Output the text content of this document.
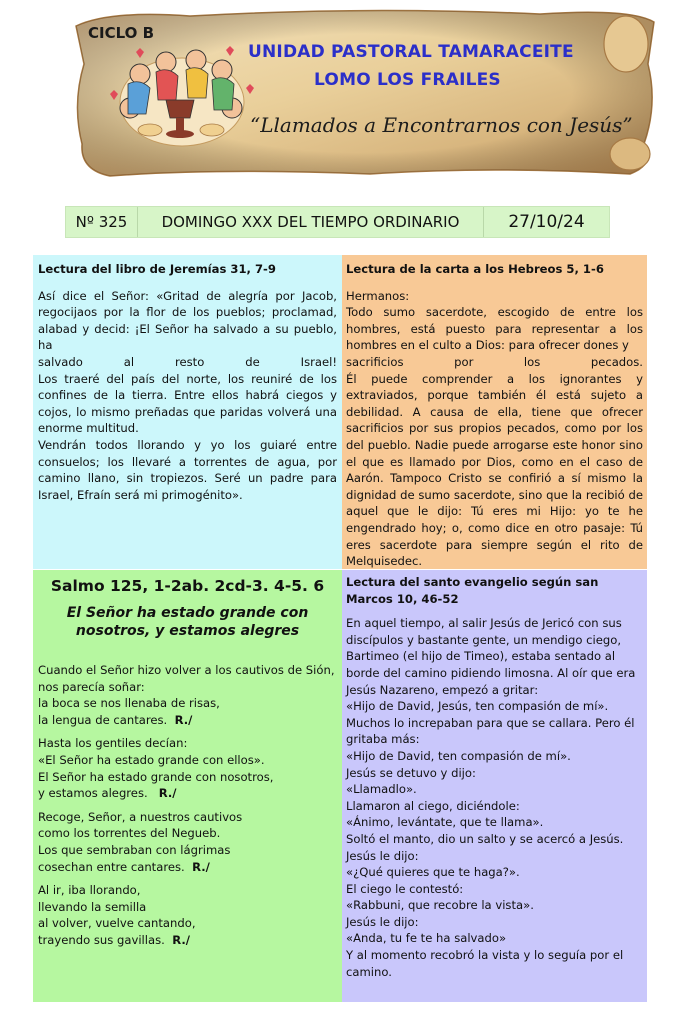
CICLO B
UNIDAD PASTORAL TAMARACEITE
LOMO LOS FRAILES
“Llamados a Encontrarnos con Jesús”
Nº 325	DOMINGO XXX DEL TIEMPO ORDINARIO	27/10/24
Lectura del libro de Jeremías 31, 7-9

Así dice el Señor: «Gritad de alegría por Jacob, regocijaos por la flor de los pueblos; proclamad, alabad y decid: ¡El Señor ha salvado a su pueblo, ha

salvado al resto de Israel!

Los traeré del país del norte, los reuniré de los confines de la tierra. Entre ellos habrá ciegos y cojos, lo mismo preñadas que paridas volverá una enorme multitud.

Vendrán todos llorando y yo los guiaré entre consuelos; los llevaré a torrentes de agua, por camino llano, sin tropiezos. Seré un padre para Israel, Efraín será mi primogénito».

Lectura de la carta a los Hebreos 5, 1-6

Hermanos:

Todo sumo sacerdote, escogido de entre los hombres, está puesto para representar a los hombres en el culto a Dios: para ofrecer dones y

sacrificios por los pecados.

Él puede comprender a los ignorantes y extraviados, porque también él está sujeto a debilidad. A causa de ella, tiene que ofrecer sacrificios por sus propios pecados, como por los del pueblo. Nadie puede arrogarse este honor sino el que es llamado por Dios, como en el caso de Aarón. Tampoco Cristo se confirió a sí mismo la dignidad de sumo sacerdote, sino que la recibió de aquel que le dijo: Tú eres mi Hijo: yo te he engendrado hoy; o, como dice en otro pasaje: Tú eres sacerdote para siempre según el rito de Melquisedec.

Salmo 125, 1-2ab. 2cd-3. 4-5. 6
El Señor ha estado grande con nosotros, y estamos alegres
Cuando el Señor hizo volver a los cautivos de Sión,
nos parecía soñar:
la boca se nos llenaba de risas,
la lengua de cantares. R./
Hasta los gentiles decían:
«El Señor ha estado grande con ellos».
El Señor ha estado grande con nosotros,
y estamos alegres. R./
Recoge, Señor, a nuestros cautivos
como los torrentes del Negueb.
Los que sembraban con lágrimas
cosechan entre cantares. R./
Al ir, iba llorando,
llevando la semilla
al volver, vuelve cantando,
trayendo sus gavillas. R./
Lectura del santo evangelio según san Marcos 10, 46-52
En aquel tiempo, al salir Jesús de Jericó con sus discípulos y bastante gente, un mendigo ciego, Bartimeo (el hijo de Timeo), estaba sentado al borde del camino pidiendo limosna. Al oír que era Jesús Nazareno, empezó a gritar:
«Hijo de David, Jesús, ten compasión de mí».
Muchos lo increpaban para que se callara. Pero él gritaba más:
«Hijo de David, ten compasión de mí».
Jesús se detuvo y dijo:
«Llamadlo».
Llamaron al ciego, diciéndole:
«Ánimo, levántate, que te llama».
Soltó el manto, dio un salto y se acercó a Jesús.
Jesús le dijo:
«¿Qué quieres que te haga?».
El ciego le contestó:
«Rabbuni, que recobre la vista».
Jesús le dijo:
«Anda, tu fe te ha salvado»
Y al momento recobró la vista y lo seguía por el camino.
